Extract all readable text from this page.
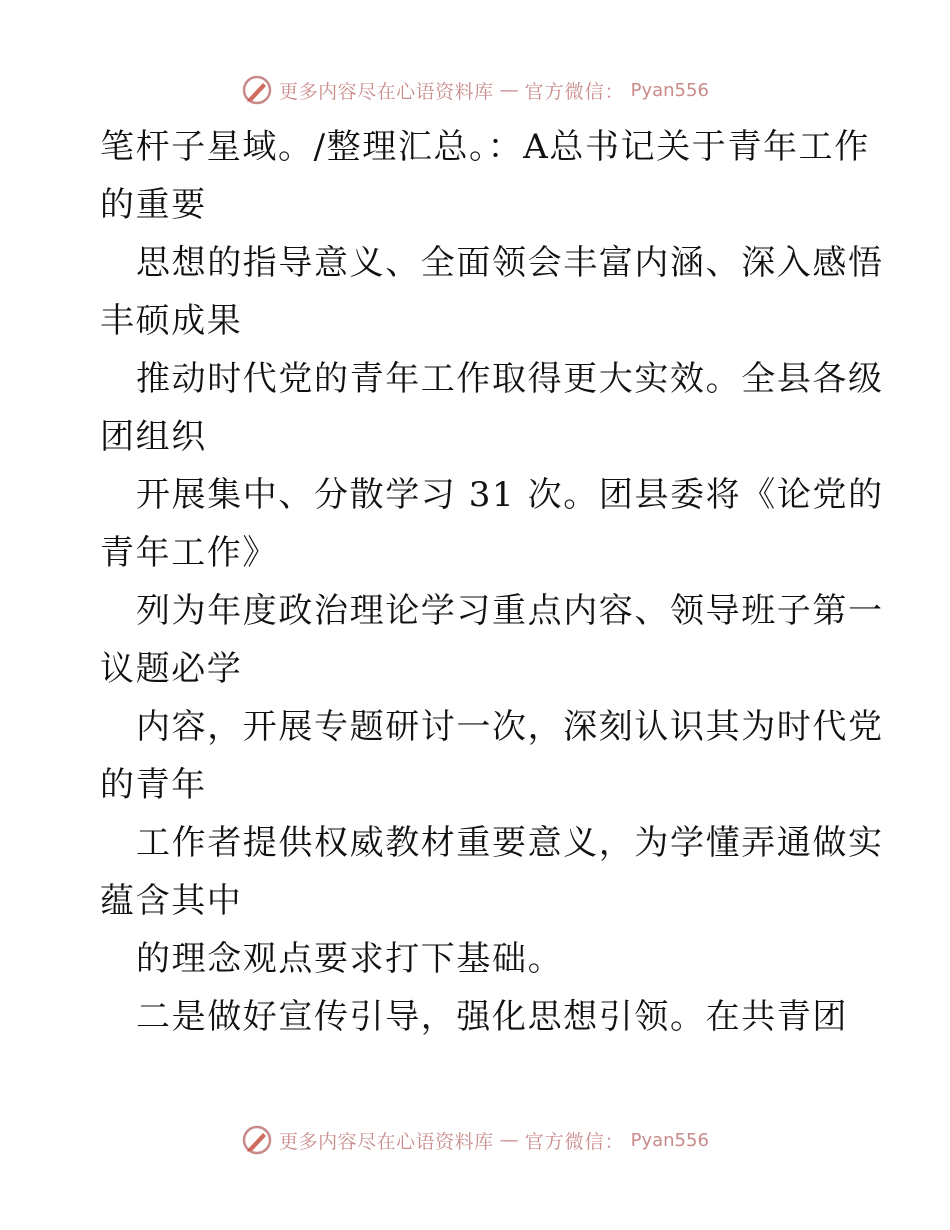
更多内容尽在心语资料库 — 官方微信： Pyan556
笔杆子星域。/整理汇总。：A总书记关于青年工作
的重要
思想的指导意义、全面领会丰富内涵、深入感悟
丰硕成果
推动时代党的青年工作取得更大实效。全县各级
团组织
开展集中、分散学习 31 次。团县委将《论党的
青年工作》
列为年度政治理论学习重点内容、领导班子第一
议题必学
内容，开展专题研讨一次，深刻认识其为时代党
的青年
工作者提供权威教材重要意义，为学懂弄通做实
蕴含其中
的理念观点要求打下基础。
二是做好宣传引导，强化思想引领。在共青团
更多内容尽在心语资料库 — 官方微信： Pyan556
